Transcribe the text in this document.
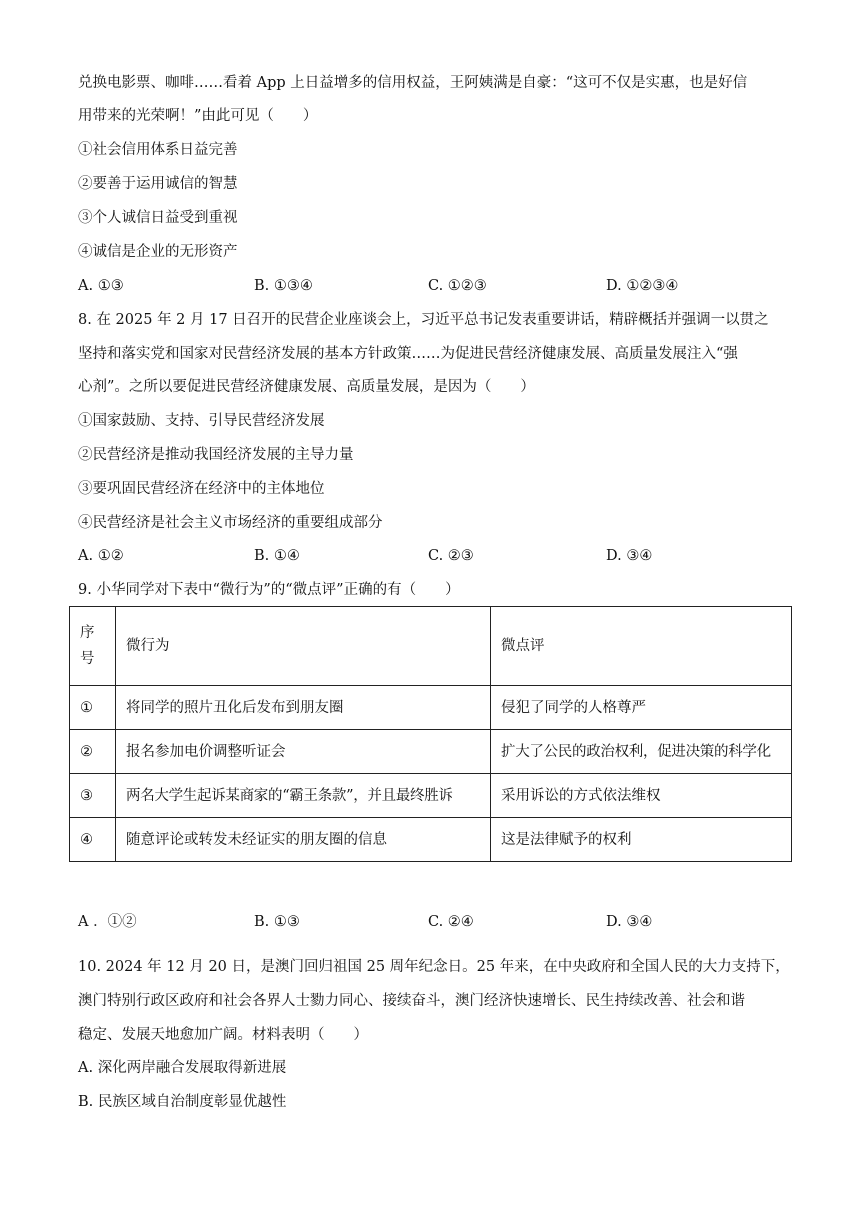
兑换电影票、咖啡……看着 App 上日益增多的信用权益，王阿姨满是自豪：“这可不仅是实惠，也是好信
用带来的光荣啊！”由此可见（　　）
①社会信用体系日益完善
②要善于运用诚信的智慧
③个人诚信日益受到重视
④诚信是企业的无形资产
A. ①③	B. ①③④	C. ①②③	D. ①②③④
8. 在 2025 年 2 月 17 日召开的民营企业座谈会上，习近平总书记发表重要讲话，精辟概括并强调一以贯之
坚持和落实党和国家对民营经济发展的基本方针政策……为促进民营经济健康发展、高质量发展注入“强
心剂”。之所以要促进民营经济健康发展、高质量发展，是因为（　　）
①国家鼓励、支持、引导民营经济发展
②民营经济是推动我国经济发展的主导力量
③要巩固民营经济在经济中的主体地位
④民营经济是社会主义市场经济的重要组成部分
A. ①②	B. ①④	C. ②③	D. ③④
9. 小华同学对下表中“微行为”的“微点评”正确的有（　　）
序
号	微行为	微点评
①	将同学的照片丑化后发布到朋友圈	侵犯了同学的人格尊严
②	报名参加电价调整听证会	扩大了公民的政治权利，促进决策的科学化
③	两名大学生起诉某商家的“霸王条款”，并且最终胜诉	采用诉讼的方式依法维权
④	随意评论或转发未经证实的朋友圈的信息	这是法律赋予的权利
A ．①②	B. ①③	C. ②④	D. ③④
10. 2024 年 12 月 20 日，是澳门回归祖国 25 周年纪念日。25 年来，在中央政府和全国人民的大力支持下，
澳门特别行政区政府和社会各界人士勠力同心、接续奋斗，澳门经济快速增长、民生持续改善、社会和谐
稳定、发展天地愈加广阔。材料表明（　　）
A. 深化两岸融合发展取得新进展
B. 民族区域自治制度彰显优越性
